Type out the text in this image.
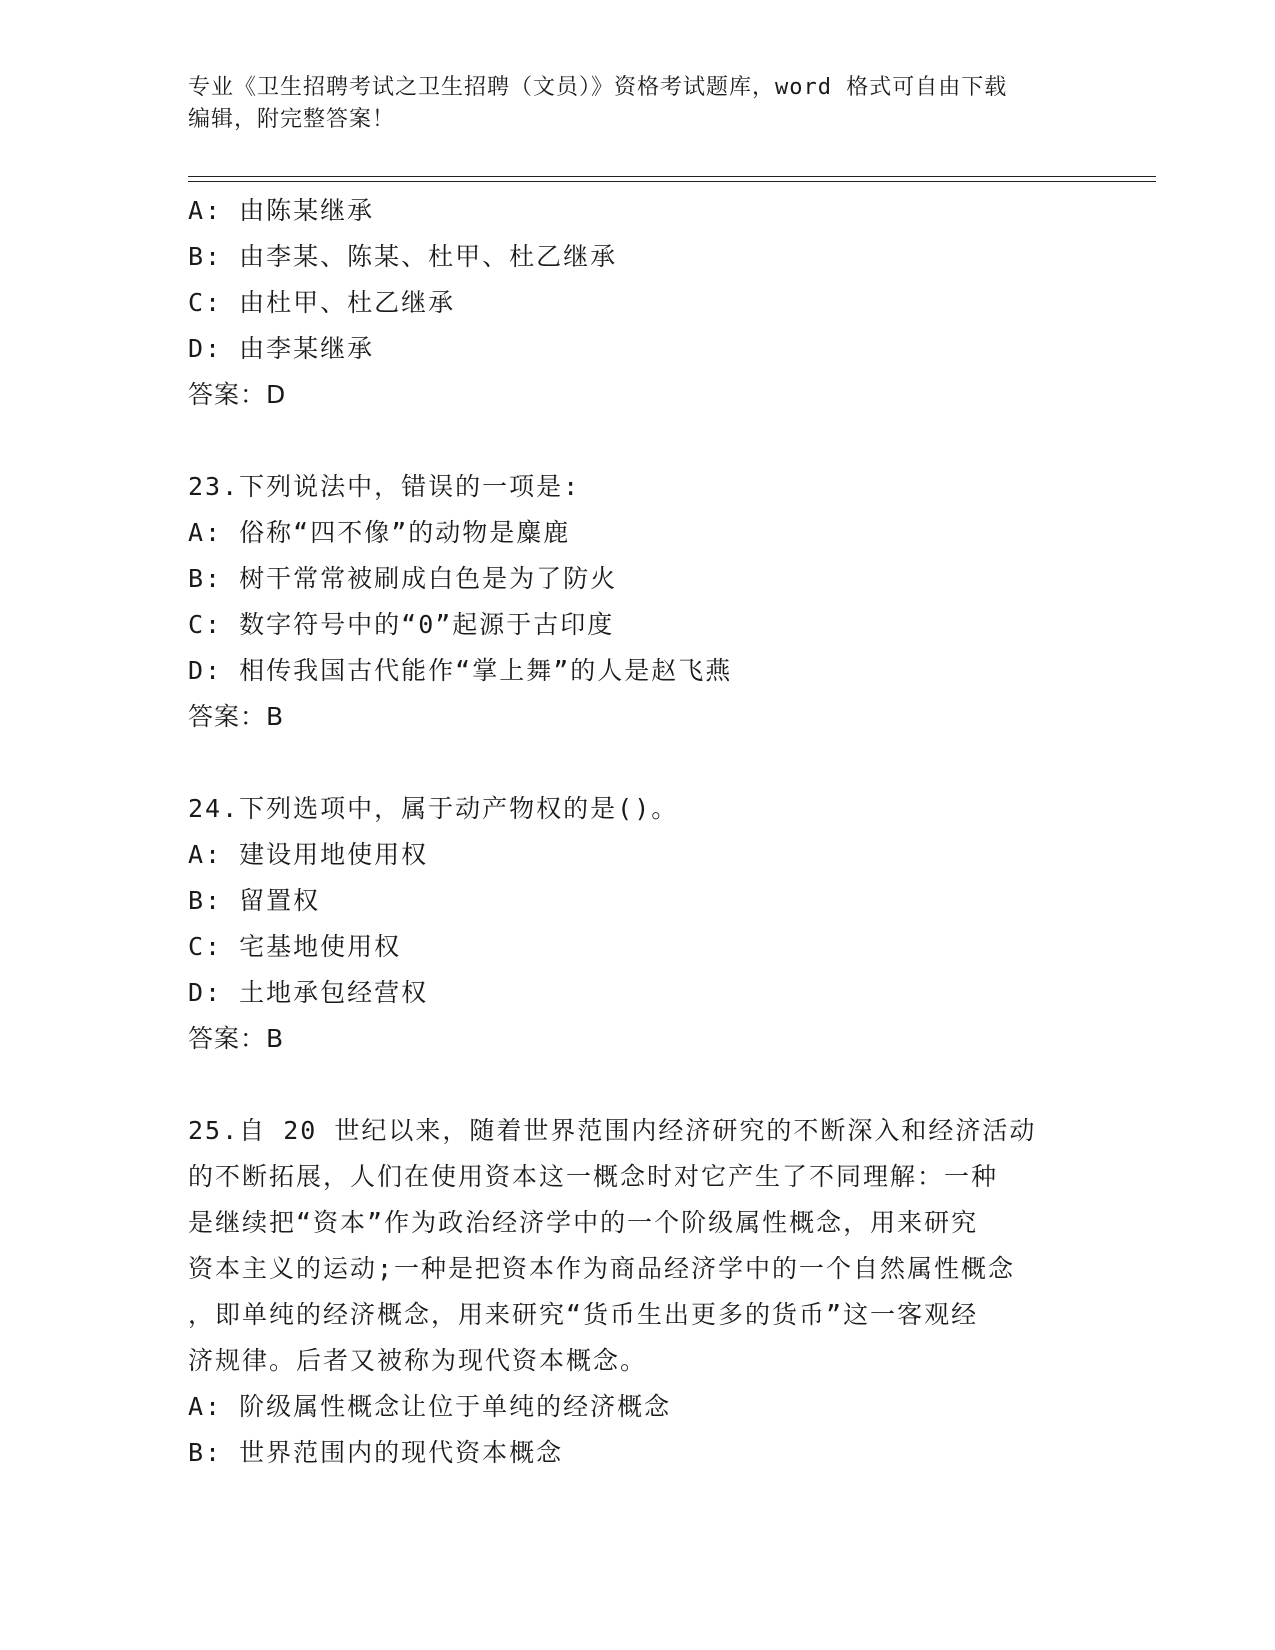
专业《卫生招聘考试之卫生招聘（文员）》资格考试题库，word 格式可自由下载
编辑，附完整答案！
A: 由陈某继承
B: 由李某、陈某、杜甲、杜乙继承
C: 由杜甲、杜乙继承
D: 由李某继承
答案：D
23.下列说法中，错误的一项是:
A: 俗称“四不像”的动物是麋鹿
B: 树干常常被刷成白色是为了防火
C: 数字符号中的“0”起源于古印度
D: 相传我国古代能作“掌上舞”的人是赵飞燕
答案：B
24.下列选项中，属于动产物权的是()。
A: 建设用地使用权
B: 留置权
C: 宅基地使用权
D: 土地承包经营权
答案：B
25.自 20 世纪以来，随着世界范围内经济研究的不断深入和经济活动
的不断拓展，人们在使用资本这一概念时对它产生了不同理解：一种
是继续把“资本”作为政治经济学中的一个阶级属性概念，用来研究
资本主义的运动;一种是把资本作为商品经济学中的一个自然属性概念
，即单纯的经济概念，用来研究“货币生出更多的货币”这一客观经
济规律。后者又被称为现代资本概念。
A: 阶级属性概念让位于单纯的经济概念
B: 世界范围内的现代资本概念
